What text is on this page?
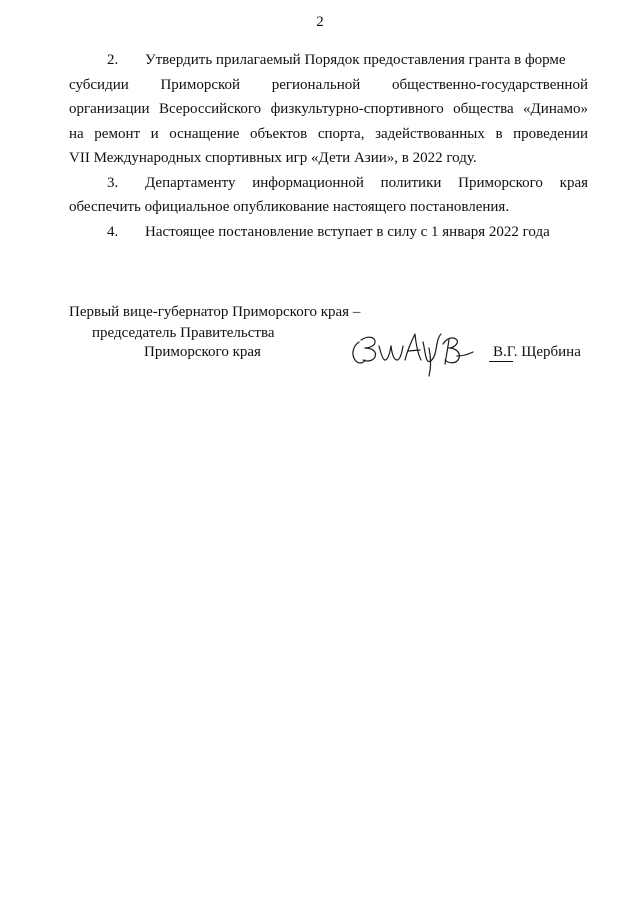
2

2. Утвердить прилагаемый Порядок предоставления гранта в форме

субсидии Приморской региональной общественно-государственной

организации Всероссийского физкультурно-спортивного общества «Динамо»

на ремонт и оснащение объектов спорта, задействованных в проведении

VII Международных спортивных игр «Дети Азии», в 2022 году.

3. Департаменту информационной политики Приморского края

обеспечить официальное опубликование настоящего постановления.

4. Настоящее постановление вступает в силу с 1 января 2022 года

Первый вице-губернатор Приморского края –
председатель Правительства
Приморского края	В.Г. Щербина
